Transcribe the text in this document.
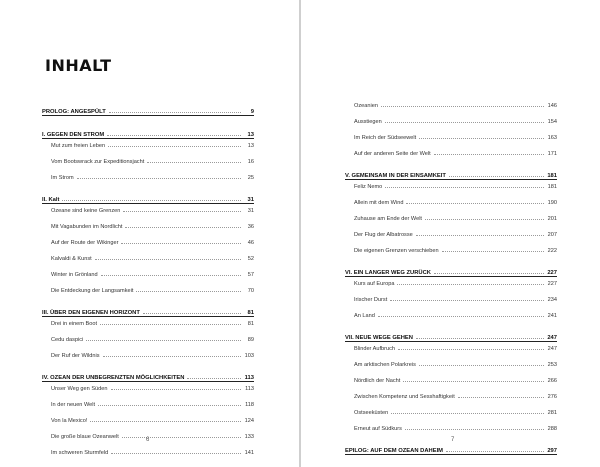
INHALT
PROLOG: ANGESPÜLT	9
I. GEGEN DEN STROM	13
Mut zum freien Leben	13
Vom Bootswrack zur Expeditionsjacht	16
Im Strom	25
II. Kalt	31
Ozeane sind keine Grenzen	31
Mit Vagabunden im Nordlicht	36
Auf der Route der Wikinger	46
Kalvaldi & Kunst	52
Winter in Grönland	57
Die Entdeckung der Langsamkeit	70
III. ÜBER DEN EIGENEN HORIZONT	81
Drei in einem Boot	81
Cedu daspici	89
Der Ruf der Wildnis	103
IV. OZEAN DER UNBEGRENZTEN MÖGLICHKEITEN	113
Unser Weg gen Süden	113
In der neuen Welt	118
Von la Mexico!	124
Die große blaue Ozeanwelt	133
Im schweren Sturmfeld	141
6
Ozeanien	146
Ausstiegen	154
Im Reich der Südseewelt	163
Auf der anderen Seite der Welt	171
V. GEMEINSAM IN DER EINSAMKEIT	181
Feliz Nemo	181
Allein mit dem Wind	190
Zuhause am Ende der Welt	201
Der Flug der Albatrosse	207
Die eigenen Grenzen verschieben	222
VI. EIN LANGER WEG ZURÜCK	227
Kurs auf Europa	227
Irischer Durst	234
An Land	241
VII. NEUE WEGE GEHEN	247
Blinder Aufbruch	247
Am arktischen Polarkreis	253
Nördlich der Nacht	266
Zwischen Kompetenz und Sesshaftigkeit	276
Ostseeküsten	281
Erneut auf Südkurs	288
EPILOG: AUF DEM OZEAN DAHEIM	297
7
